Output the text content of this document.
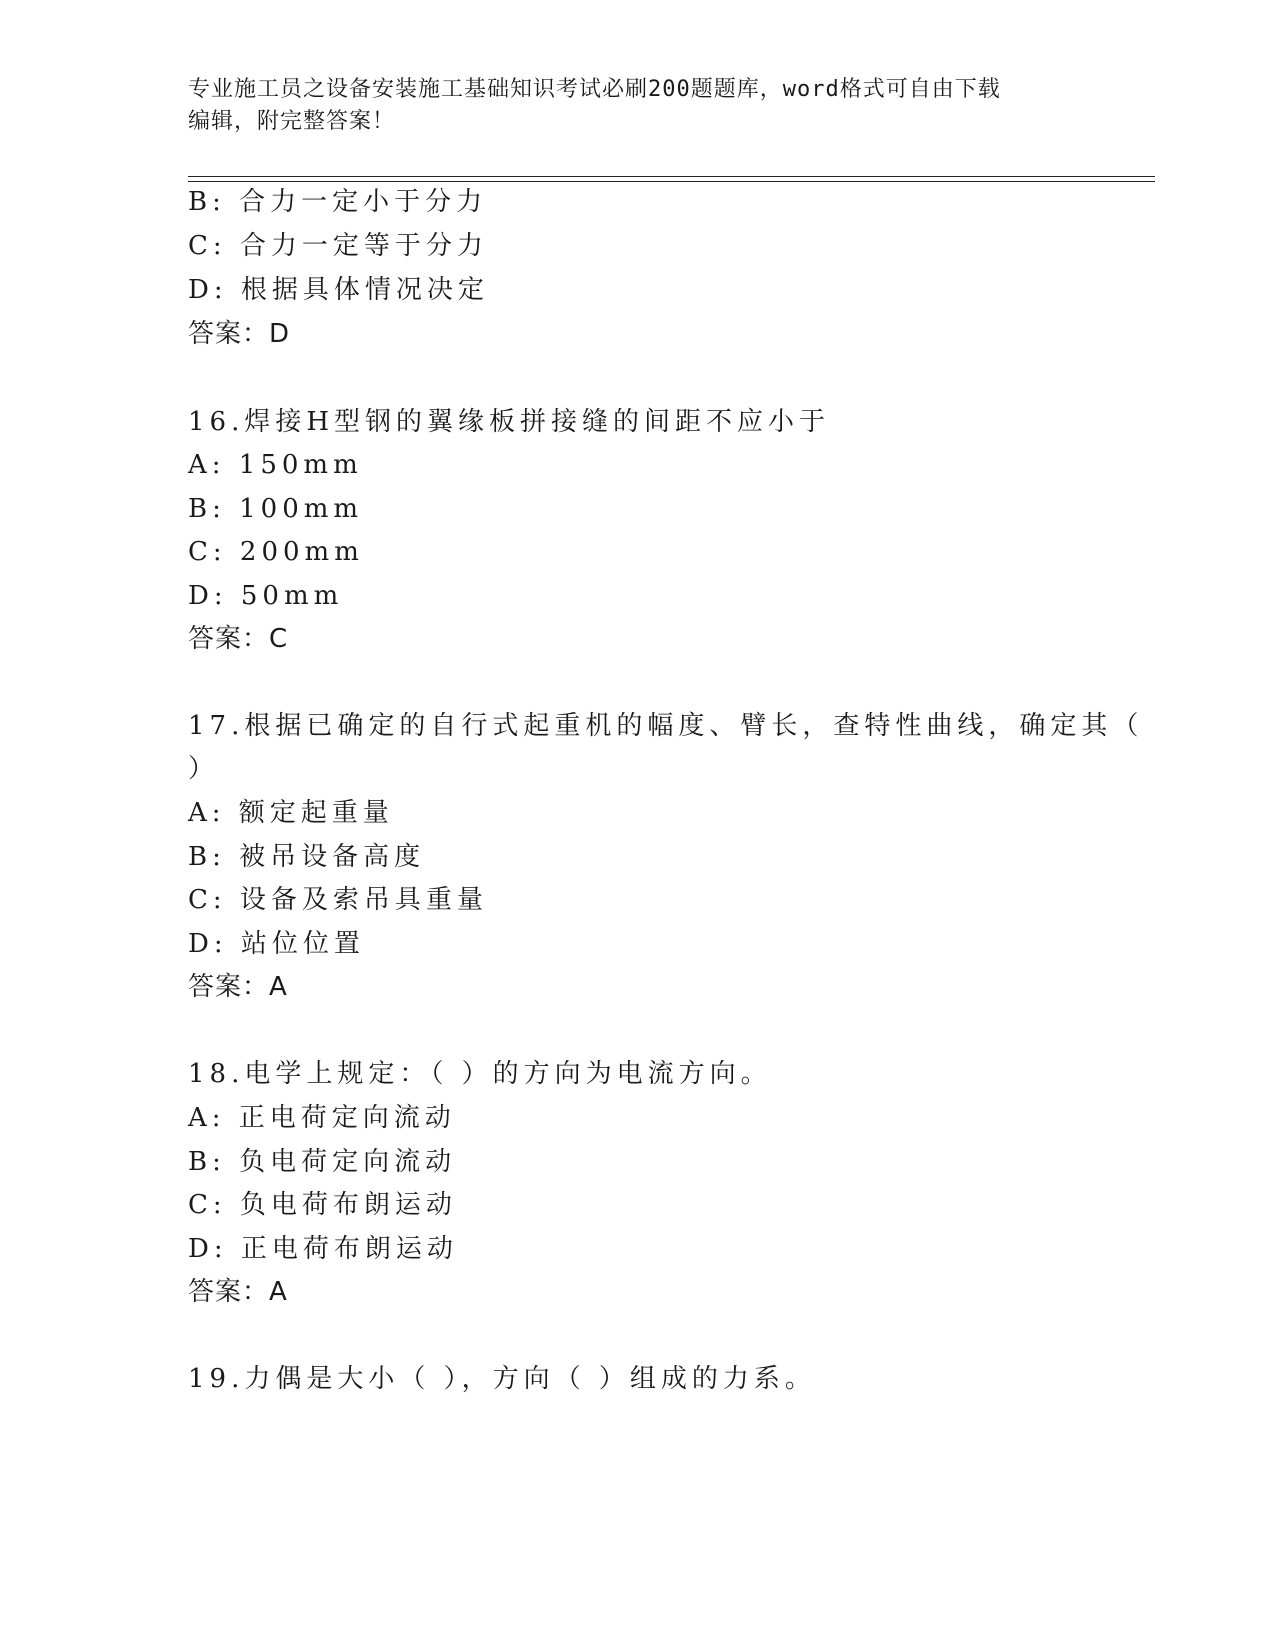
专业施工员之设备安装施工基础知识考试必刷200题题库，word格式可自由下载
编辑，附完整答案！
B: 合力一定小于分力
C: 合力一定等于分力
D: 根据具体情况决定
答案：D
16.焊接H型钢的翼缘板拼接缝的间距不应小于
A: 150mm
B: 100mm
C: 200mm
D: 50mm
答案：C
17.根据已确定的自行式起重机的幅度、臂长，查特性曲线，确定其（
）
A: 额定起重量
B: 被吊设备高度
C: 设备及索吊具重量
D: 站位位置
答案：A
18.电学上规定：（ ）的方向为电流方向。
A: 正电荷定向流动
B: 负电荷定向流动
C: 负电荷布朗运动
D: 正电荷布朗运动
答案：A
19.力偶是大小（ ），方向（ ）组成的力系。
